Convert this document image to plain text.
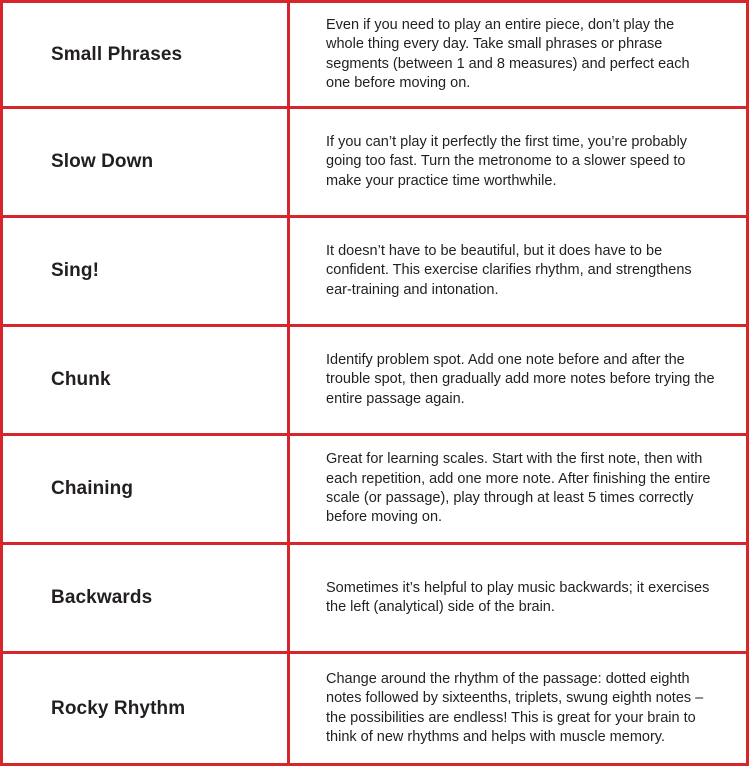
Small Phrases	Even if you need to play an entire piece, don’t play the whole thing every day. Take small phrases or phrase segments (between 1 and 8 measures) and perfect each one before moving on.
Slow Down	If you can’t play it perfectly the first time, you’re probably going too fast. Turn the metronome to a slower speed to make your practice time worthwhile.
Sing!	It doesn’t have to be beautiful, but it does have to be confident. This exercise clarifies rhythm, and strengthens ear-training and intonation.
Chunk	Identify problem spot. Add one note before and after the trouble spot, then gradually add more notes before trying the entire passage again.
Chaining	Great for learning scales. Start with the first note, then with each repetition, add one more note. After finishing the entire scale (or passage), play through at least 5 times correctly before moving on.
Backwards	Sometimes it’s helpful to play music backwards; it exercises the left (analytical) side of the brain.
Rocky Rhythm	Change around the rhythm of the passage: dotted eighth notes followed by sixteenths, triplets, swung eighth notes – the possibilities are endless! This is great for your brain to think of new rhythms and helps with muscle memory.
